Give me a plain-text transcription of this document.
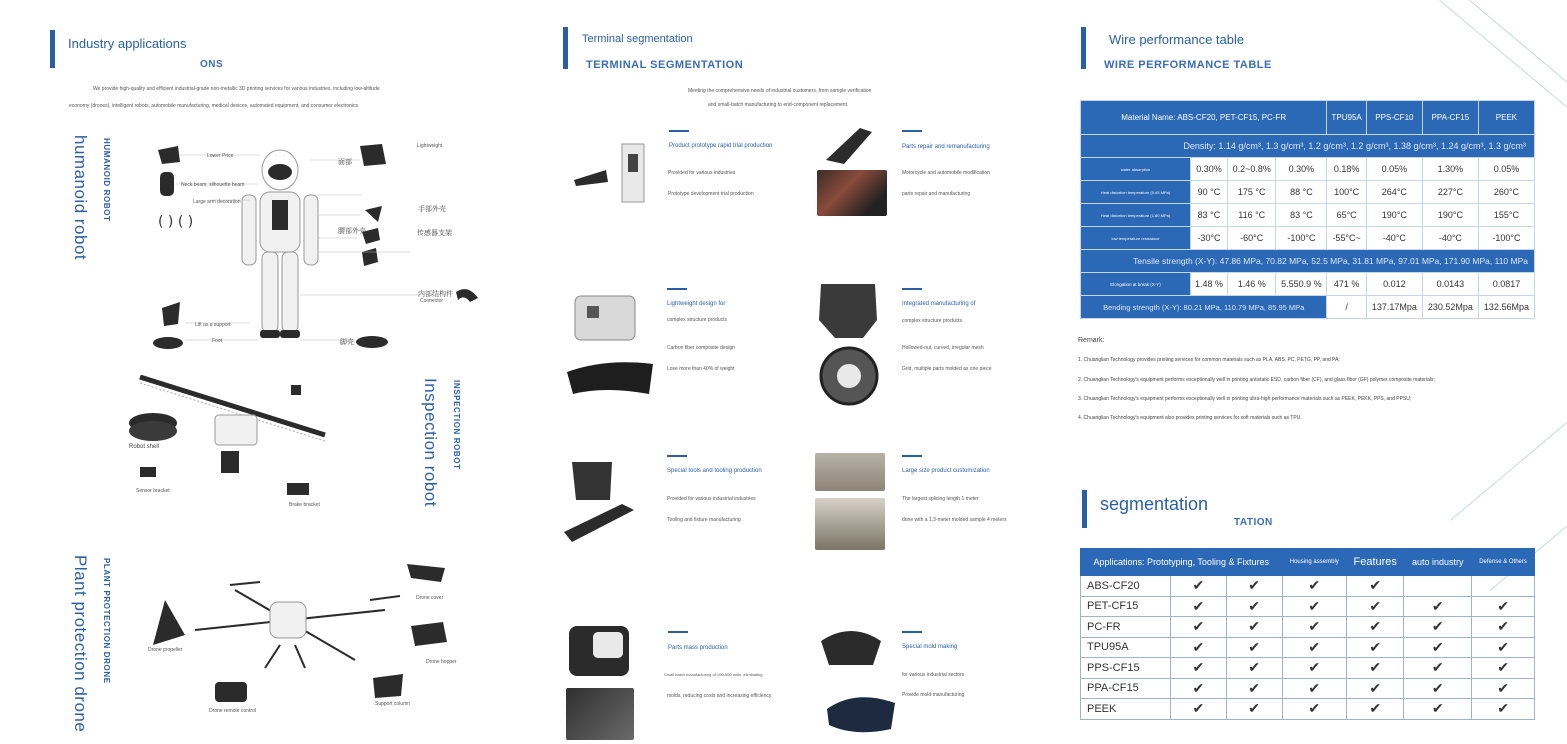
Industry applications
ONS
We provide high-quality and efficient industrial-grade non-metallic 3D printing services for various industries, including low-altitude
economy (drones), intelligent robots, automobile manufacturing, medical devices, automated equipment, and consumer electronics.
humanoid robot HUMANOID ROBOT
( ) ( )
Lower Price
Neck beam, silhouette beam
Large arm decoration
Lightweight
Lift as a support
Foot
Connector
面部
手部外壳
腰部外壳	传感器支架
内部结构件
脚壳
Robot shell
Sensor bracket
Brake bracket	Inspection robot INSPECTION ROBOT
Plant protection drone PLANT PROTECTION DRONE	Drone propeller
Drone hopper
Drone cover
Drone remote control
Support column
Terminal segmentation
TERMINAL SEGMENTATION
Meeting the comprehensive needs of industrial customers, from sample verification
and small-batch manufacturing to end-component replacement.
Product prototype rapid trial production
Provided for various industries
Prototype development trial production
Parts repair and remanufacturing
Motorcycle and automobile modification
parts repair and manufacturing
Lightweight design for
complex structure products
Carbon fiber composite design
Lose more than 40% of weight
Integrated manufacturing of
complex structure products
Hollowed-out, curved, irregular mesh
Grid, multiple parts molded as one piece
Special tools and tooling production
Provided for various industrial industries
Tooling and fixture manufacturing
Large size product customization
The largest splicing length 1 meter
done with a 1.3-meter molded sample 4 meters
Parts mass production
Small batch manufacturing of 100-500 units, eliminating
molds, reducing costs and increasing efficiency
Special mold making
for various industrial sectors
Provide mold manufacturing
Wire performance table
WIRE PERFORMANCE TABLE
Material Name: ABS-CF20, PET-CF15, PC-FR				TPU95A	PPS-CF10	PPA-CF15	PEEK
Density: 1.14 g/cm³, 1.3 g/cm³, 1.2 g/cm³, 1.2 g/cm³, 1.38 g/cm³, 1.24 g/cm³, 1.3 g/cm³							
water absorption	0.30%	0.2~0.8%	0.30%	0.18%	0.05%	1.30%	0.05%
Heat distortion temperature (0.45 MPa)	90 °C	175 °C	88 °C	100°C	264°C	227°C	260°C
Heat distortion temperature (1.80 MPa)	83 °C	116 °C	83 °C	65°C	190°C	190°C	155°C
low temperature resistance	-30°C	-60°C	-100°C	-55°C~	-40°C	-40°C	-100°C
Tensile strength (X-Y): 47.86 MPa, 70.82 MPa, 52.5 MPa, 31.81 MPa, 97.01 MPa, 171.90 MPa, 110 MPa							
Elongation at break (X-Y)	1.48 %	1.46 %	5.550.9 %	471 %	0.012	0.0143	0.0817
Bending strength (X-Y): 80.21 MPa, 110.79 MPa, 85.95 MPa				/	137.17Mpa	230.52Mpa	132.56Mpa
Remark:
1. Chuanglian Technology provides printing services for common materials such as PLA, ABS, PC, PETG, PP, and PA;
2. Chuanglian Technology's equipment performs exceptionally well in printing antistatic ESD, carbon fiber (CF), and glass fiber (GF) polymer composite materials;
3. Chuanglian Technology's equipment performs exceptionally well in printing ultra-high performance materials such as PEEK, PEKK, PPS, and PPSU;
4. Chuanglian Technology's equipment also provides printing services for soft materials such as TPU.
segmentation
TATION
Applications: Prototyping, Tooling & Fixtures			Housing assembly	Features	auto industry	Defense & Others
ABS-CF20	✔	✔	✔	✔		
PET-CF15	✔	✔	✔	✔	✔	✔
PC-FR	✔	✔	✔	✔	✔	✔
TPU95A	✔	✔	✔	✔	✔	✔
PPS-CF15	✔	✔	✔	✔	✔	✔
PPA-CF15	✔	✔	✔	✔	✔	✔
PEEK	✔	✔	✔	✔	✔	✔
